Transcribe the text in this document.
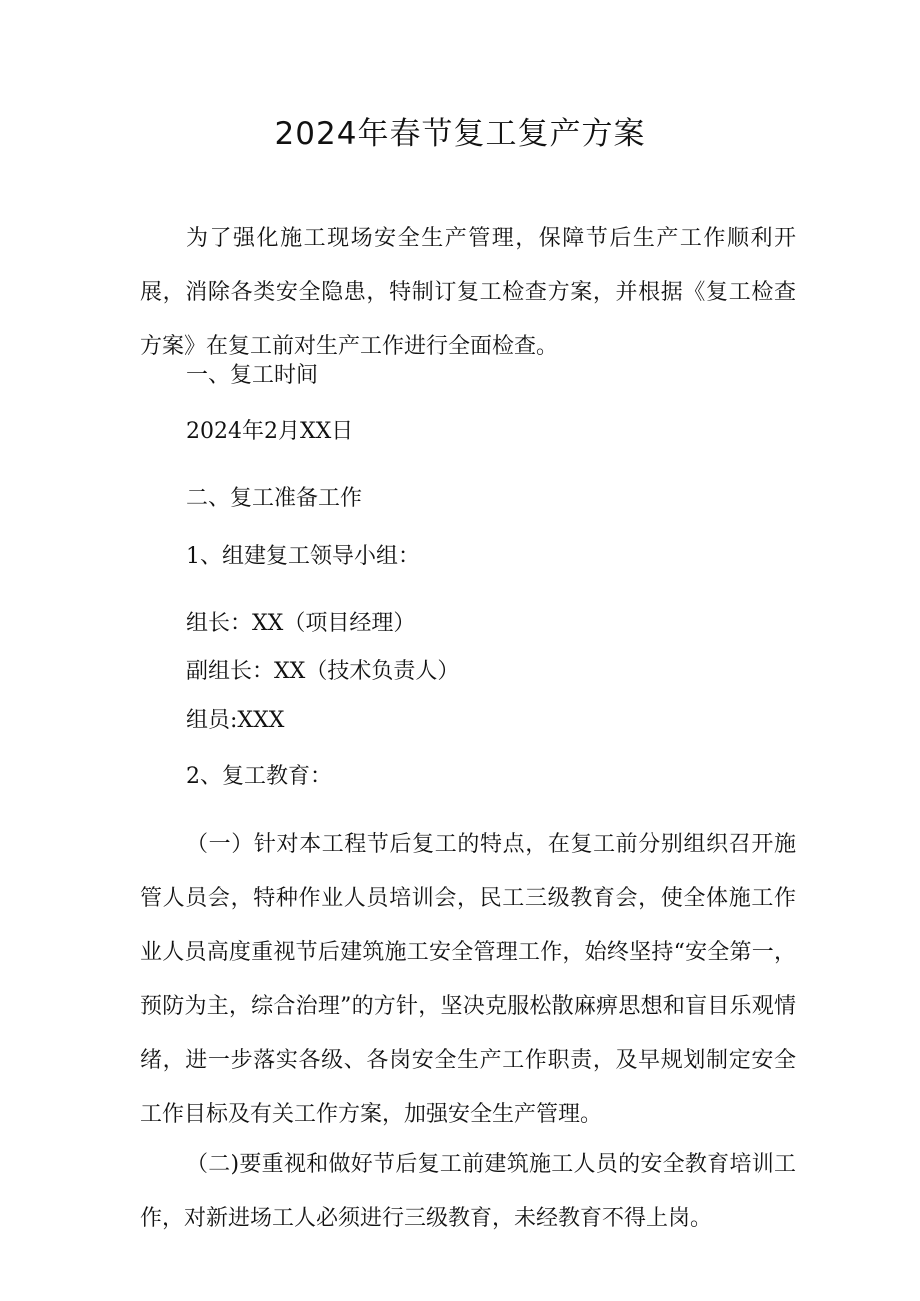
2024年春节复工复产方案

为了强化施工现场安全生产管理，保障节后生产工作顺利开展，消除各类安全隐患，特制订复工检查方案，并根据《复工检查方案》在复工前对生产工作进行全面检查。

一、复工时间

2024年2月XX日

二、复工准备工作

1、组建复工领导小组：

组长：XX（项目经理）

副组长：XX（技术负责人）

组员:XXX

2、复工教育：

（一）针对本工程节后复工的特点，在复工前分别组织召开施管人员会，特种作业人员培训会，民工三级教育会，使全体施工作业人员高度重视节后建筑施工安全管理工作，始终坚持“安全第一，预防为主，综合治理”的方针，坚决克服松散麻痹思想和盲目乐观情绪，进一步落实各级、各岗安全生产工作职责，及早规划制定安全工作目标及有关工作方案，加强安全生产管理。

（二)要重视和做好节后复工前建筑施工人员的安全教育培训工作，对新进场工人必须进行三级教育，未经教育不得上岗。
